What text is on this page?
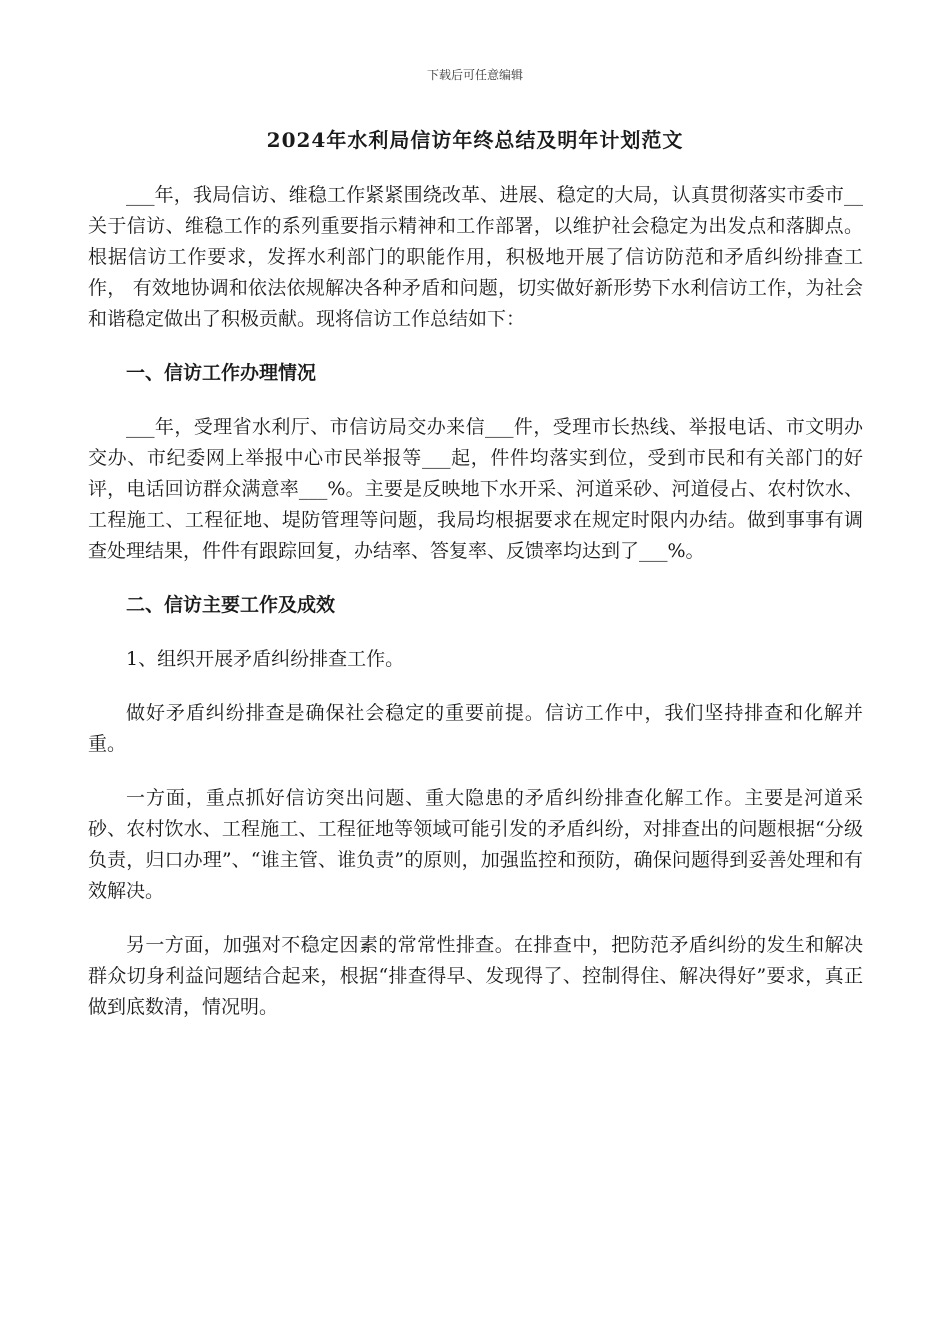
下载后可任意编辑
2024年水利局信访年终总结及明年计划范文

___年，我局信访、维稳工作紧紧围绕改革、进展、稳定的大局，认真贯彻落实市委市__关于信访、维稳工作的系列重要指示精神和工作部署，以维护社会稳定为出发点和落脚点。根据信访工作要求，发挥水利部门的职能作用，积极地开展了信访防范和矛盾纠纷排查工作， 有效地协调和依法依规解决各种矛盾和问题，切实做好新形势下水利信访工作，为社会和谐稳定做出了积极贡献。现将信访工作总结如下：

一、信访工作办理情况

___年，受理省水利厅、市信访局交办来信___件，受理市长热线、举报电话、市文明办交办、市纪委网上举报中心市民举报等___起，件件均落实到位，受到市民和有关部门的好评，电话回访群众满意率___%。主要是反映地下水开采、河道采砂、河道侵占、农村饮水、工程施工、工程征地、堤防管理等问题，我局均根据要求在规定时限内办结。做到事事有调查处理结果，件件有跟踪回复，办结率、答复率、反馈率均达到了___%。

二、信访主要工作及成效

1、组织开展矛盾纠纷排查工作。

做好矛盾纠纷排查是确保社会稳定的重要前提。信访工作中，我们坚持排查和化解并重。

一方面，重点抓好信访突出问题、重大隐患的矛盾纠纷排查化解工作。主要是河道采砂、农村饮水、工程施工、工程征地等领域可能引发的矛盾纠纷，对排查出的问题根据“分级负责，归口办理”、“谁主管、谁负责”的原则，加强监控和预防，确保问题得到妥善处理和有效解决。

另一方面，加强对不稳定因素的常常性排查。在排查中，把防范矛盾纠纷的发生和解决群众切身利益问题结合起来，根据“排查得早、发现得了、控制得住、解决得好”要求，真正做到底数清，情况明。
